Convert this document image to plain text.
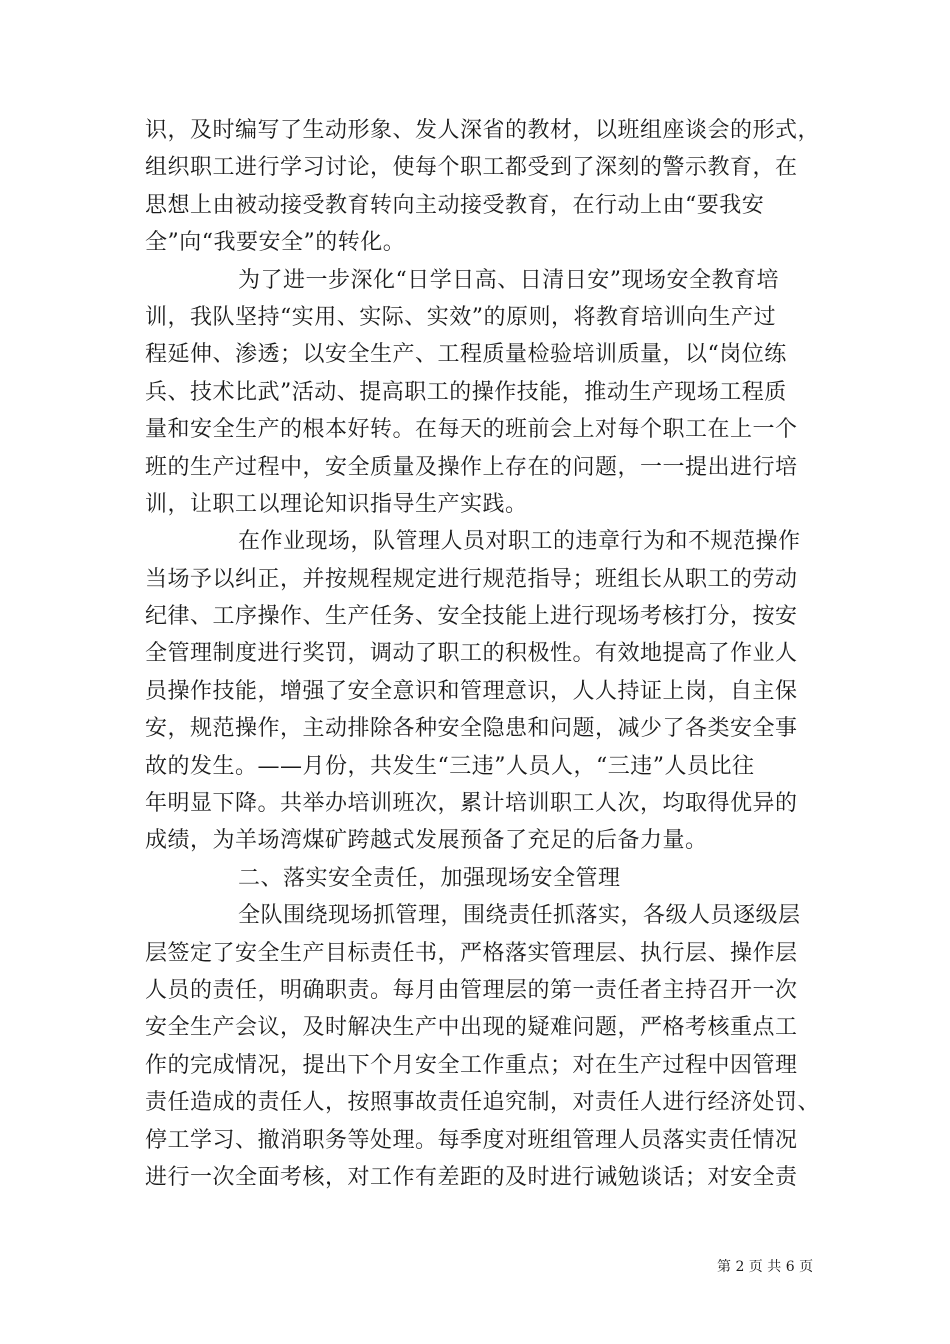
识，及时编写了生动形象、发人深省的教材，以班组座谈会的形式，
组织职工进行学习讨论，使每个职工都受到了深刻的警示教育，在
思想上由被动接受教育转向主动接受教育，在行动上由“要我安
全”向“我要安全”的转化。
为了进一步深化“日学日高、日清日安”现场安全教育培
训，我队坚持“实用、实际、实效”的原则，将教育培训向生产过
程延伸、渗透；以安全生产、工程质量检验培训质量，以“岗位练
兵、技术比武”活动、提高职工的操作技能，推动生产现场工程质
量和安全生产的根本好转。在每天的班前会上对每个职工在上一个
班的生产过程中，安全质量及操作上存在的问题，一一提出进行培
训，让职工以理论知识指导生产实践。
在作业现场，队管理人员对职工的违章行为和不规范操作
当场予以纠正，并按规程规定进行规范指导；班组长从职工的劳动
纪律、工序操作、生产任务、安全技能上进行现场考核打分，按安
全管理制度进行奖罚，调动了职工的积极性。有效地提高了作业人
员操作技能，增强了安全意识和管理意识，人人持证上岗，自主保
安，规范操作，主动排除各种安全隐患和问题，减少了各类安全事
故的发生。——月份，共发生“三违”人员人，“三违”人员比往
年明显下降。共举办培训班次，累计培训职工人次，均取得优异的
成绩，为羊场湾煤矿跨越式发展预备了充足的后备力量。
二、落实安全责任，加强现场安全管理
全队围绕现场抓管理，围绕责任抓落实，各级人员逐级层
层签定了安全生产目标责任书，严格落实管理层、执行层、操作层
人员的责任，明确职责。每月由管理层的第一责任者主持召开一次
安全生产会议，及时解决生产中出现的疑难问题，严格考核重点工
作的完成情况，提出下个月安全工作重点；对在生产过程中因管理
责任造成的责任人，按照事故责任追究制，对责任人进行经济处罚、
停工学习、撤消职务等处理。每季度对班组管理人员落实责任情况
进行一次全面考核，对工作有差距的及时进行诫勉谈话；对安全责
第 2 页 共 6 页
